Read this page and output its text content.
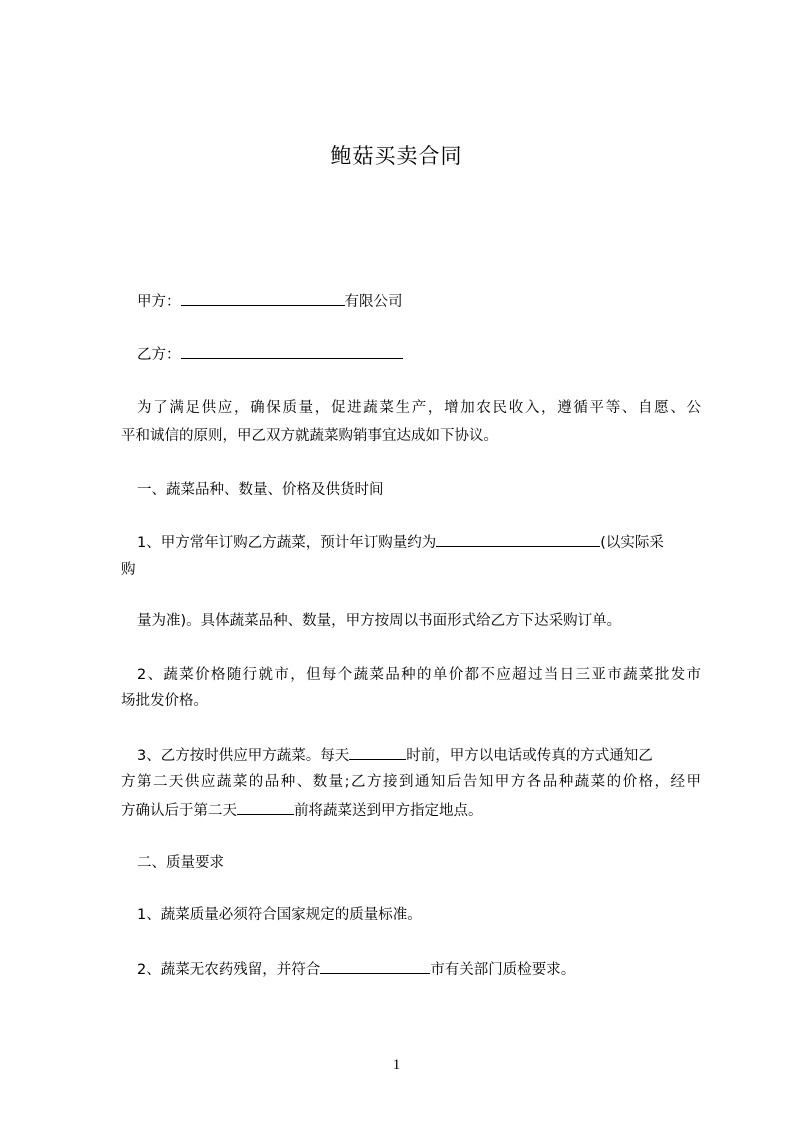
鲍菇买卖合同
甲方：	有限公司
乙方：
为了满足供应，确保质量，促进蔬菜生产，增加农民收入，遵循平等、自愿、公
平和诚信的原则，甲乙双方就蔬菜购销事宜达成如下协议。
一、蔬菜品种、数量、价格及供货时间
1、甲方常年订购乙方蔬菜，预计年订购量约为	(以实际采
购
量为准)。具体蔬菜品种、数量，甲方按周以书面形式给乙方下达采购订单。
2、蔬菜价格随行就市，但每个蔬菜品种的单价都不应超过当日三亚市蔬菜批发市
场批发价格。
3、乙方按时供应甲方蔬菜。每天	时前，甲方以电话或传真的方式通知乙
方第二天供应蔬菜的品种、数量;乙方接到通知后告知甲方各品种蔬菜的价格，经甲
方确认后于第二天	前将蔬菜送到甲方指定地点。
二、质量要求
1、蔬菜质量必须符合国家规定的质量标准。
2、蔬菜无农药残留，并符合	市有关部门质检要求。
1
